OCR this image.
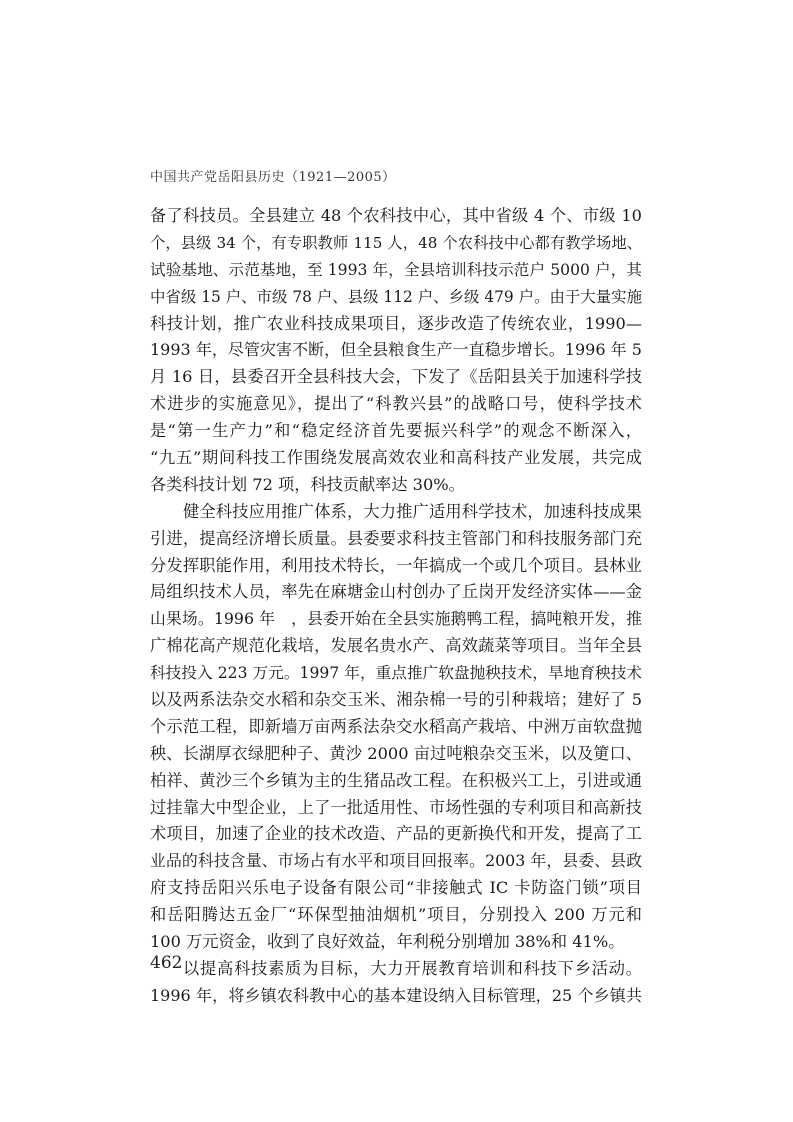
中国共产党岳阳县历史（1921—2005）
备了科技员。全县建立 48 个农科技中心，其中省级 4 个、市级 10
个，县级 34 个，有专职教师 115 人，48 个农科技中心都有教学场地、
试验基地、示范基地，至 1993 年，全县培训科技示范户 5000 户，其
中省级 15 户、市级 78 户、县级 112 户、乡级 479 户。由于大量实施
科技计划，推广农业科技成果项目，逐步改造了传统农业，1990—
1993 年，尽管灾害不断，但全县粮食生产一直稳步增长。1996 年 5
月 16 日，县委召开全县科技大会，下发了《岳阳县关于加速科学技
术进步的实施意见》，提出了“科教兴县”的战略口号，使科学技术
是“第一生产力”和“稳定经济首先要振兴科学”的观念不断深入，
“九五”期间科技工作围绕发展高效农业和高科技产业发展，共完成
各类科技计划 72 项，科技贡献率达 30%。
健全科技应用推广体系，大力推广适用科学技术，加速科技成果
引进，提高经济增长质量。县委要求科技主管部门和科技服务部门充
分发挥职能作用，利用技术特长，一年搞成一个或几个项目。县林业
局组织技术人员，率先在麻塘金山村创办了丘岗开发经济实体——金
山果场。1996 年　，县委开始在全县实施鹅鸭工程，搞吨粮开发，推
广棉花高产规范化栽培，发展名贵水产、高效蔬菜等项目。当年全县
科技投入 223 万元。1997 年，重点推广软盘抛秧技术，旱地育秧技术
以及两系法杂交水稻和杂交玉米、湘杂棉一号的引种栽培；建好了 5
个示范工程，即新墙万亩两系法杂交水稻高产栽培、中洲万亩软盘抛
秧、长湖厚衣绿肥种子、黄沙 2000 亩过吨粮杂交玉米，以及筻口、
柏祥、黄沙三个乡镇为主的生猪品改工程。在积极兴工上，引进或通
过挂靠大中型企业，上了一批适用性、市场性强的专利项目和高新技
术项目，加速了企业的技术改造、产品的更新换代和开发，提高了工
业品的科技含量、市场占有水平和项目回报率。2003 年，县委、县政
府支持岳阳兴乐电子设备有限公司“非接触式 IC 卡防盗门锁”项目
和岳阳腾达五金厂“环保型抽油烟机”项目，分别投入 200 万元和
100 万元资金，收到了良好效益，年利税分别增加 38%和 41%。
以提高科技素质为目标，大力开展教育培训和科技下乡活动。
1996 年，将乡镇农科教中心的基本建设纳入目标管理，25 个乡镇共
462
